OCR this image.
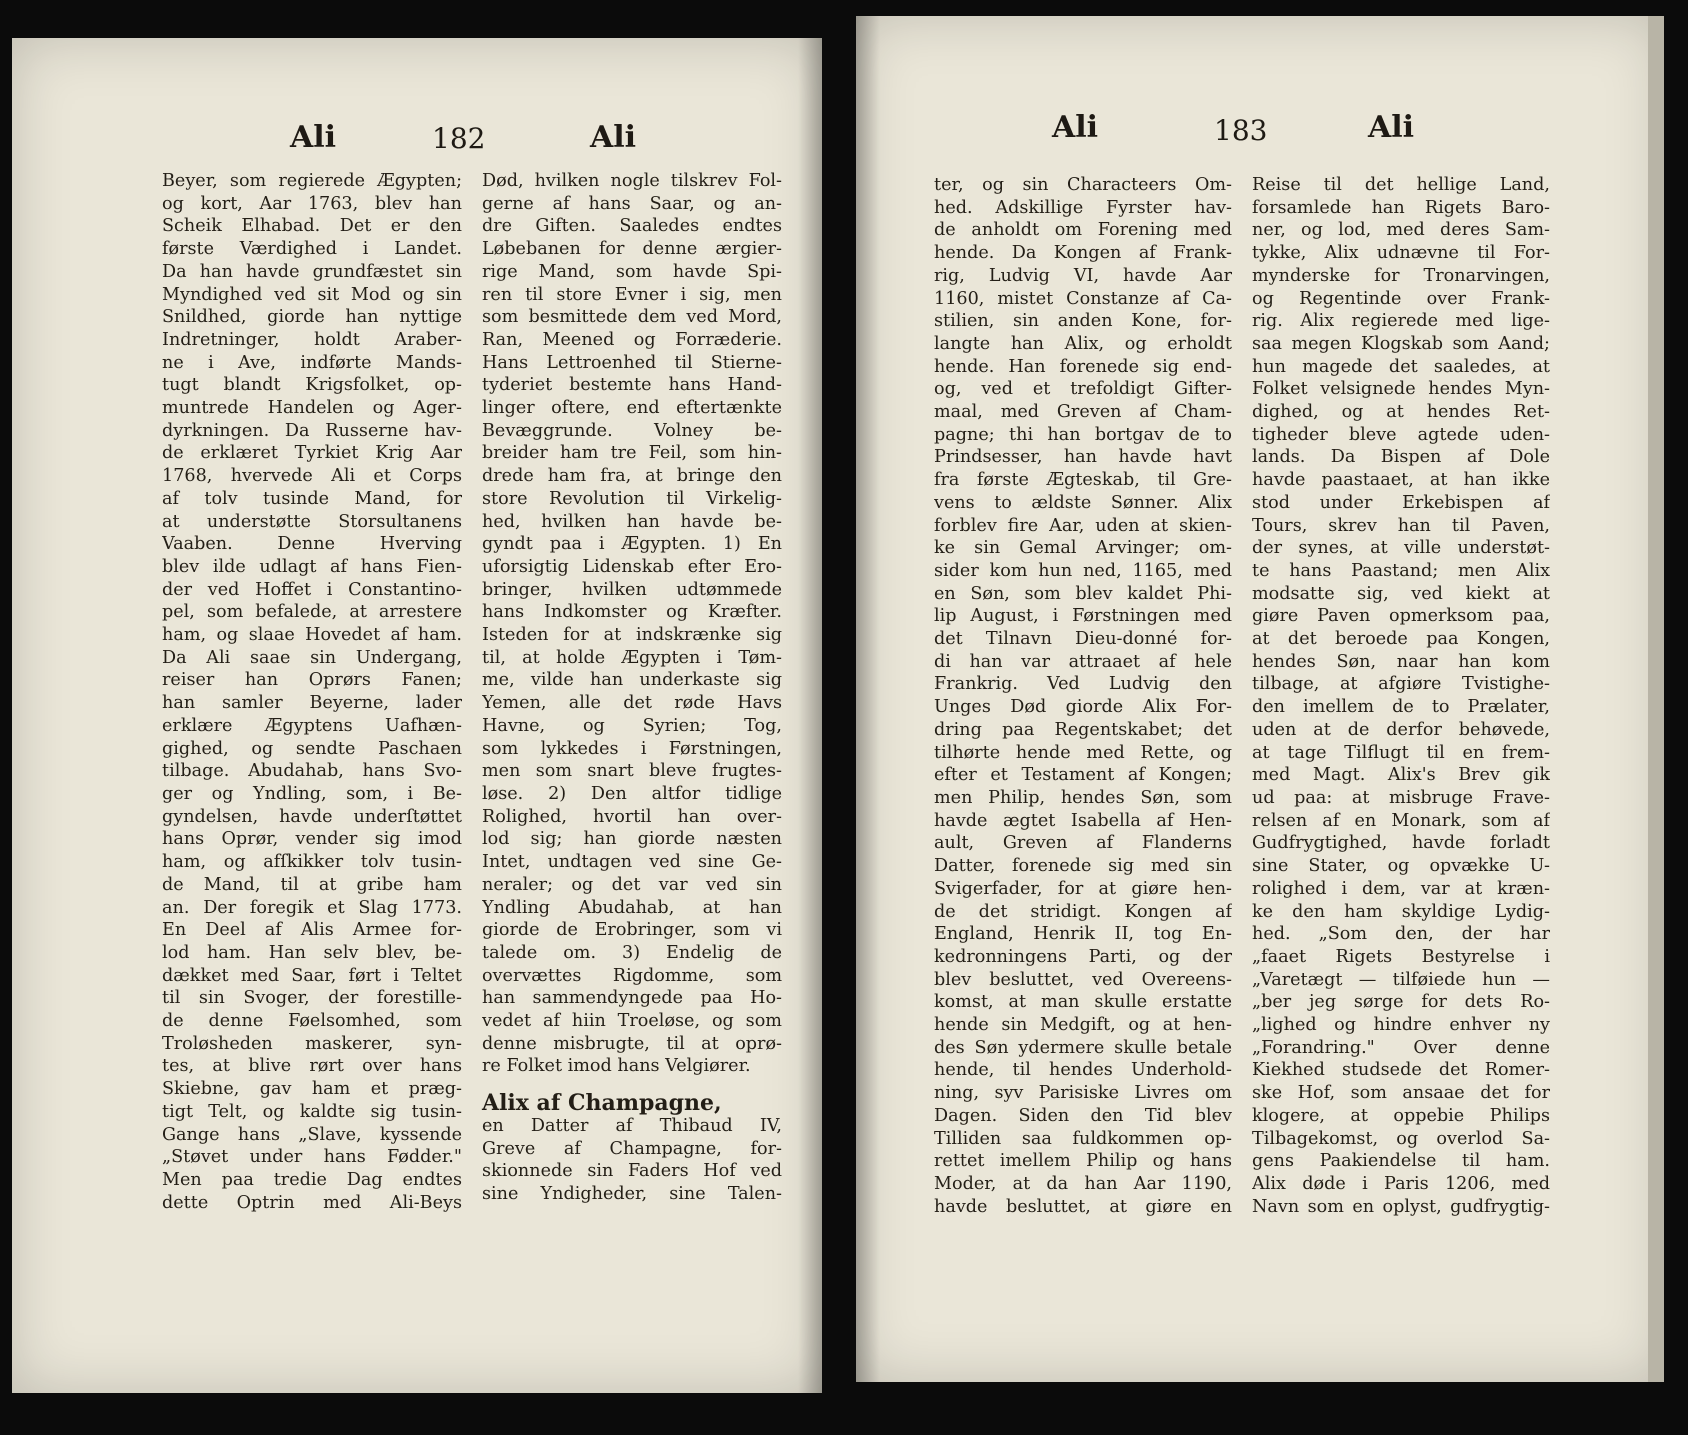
Ali	182	Ali
Beyer, som regierede Ægypten;
og kort, Aar 1763, blev han
Scheik Elhabad. Det er den
første Værdighed i Landet.
Da han havde grundfæstet sin
Myndighed ved sit Mod og sin
Snildhed, giorde han nyttige
Indretninger, holdt Araber-
ne i Ave, indførte Mands-
tugt blandt Krigsfolket, op-
muntrede Handelen og Ager-
dyrkningen. Da Russerne hav-
de erklæret Tyrkiet Krig Aar
1768, hvervede Ali et Corps
af tolv tusinde Mand, for
at understøtte Storsultanens
Vaaben. Denne Hverving
blev ilde udlagt af hans Fien-
der ved Hoffet i Constantino-
pel, som befalede, at arrestere
ham, og slaae Hovedet af ham.
Da Ali saae sin Undergang,
reiser han Oprørs Fanen;
han samler Beyerne, lader
erklære Ægyptens Uafhæn-
gighed, og sendte Paschaen
tilbage. Abudahab, hans Svo-
ger og Yndling, som, i Be-
gyndelsen, havde underſtøttet
hans Oprør, vender sig imod
ham, og afſkikker tolv tusin-
de Mand, til at gribe ham
an. Der foregik et Slag 1773.
En Deel af Alis Armee for-
lod ham. Han selv blev, be-
dækket med Saar, ført i Teltet
til sin Svoger, der forestille-
de denne Føelsomhed, som
Troløsheden maskerer, syn-
tes, at blive rørt over hans
Skiebne, gav ham et præg-
tigt Telt, og kaldte sig tusin-
Gange hans „Slave, kyssende
„Støvet under hans Fødder."
Men paa tredie Dag endtes
dette Optrin med Ali-Beys
Død, hvilken nogle tilskrev Fol-
gerne af hans Saar, og an-
dre Giften. Saaledes endtes
Løbebanen for denne ærgier-
rige Mand, som havde Spi-
ren til store Evner i sig, men
som besmittede dem ved Mord,
Ran, Meened og Forræderie.
Hans Lettroenhed til Stierne-
tyderiet bestemte hans Hand-
linger oftere, end eftertænkte
Bevæggrunde. Volney be-
breider ham tre Feil, som hin-
drede ham fra, at bringe den
store Revolution til Virkelig-
hed, hvilken han havde be-
gyndt paa i Ægypten. 1) En
uforsigtig Lidenskab efter Ero-
bringer, hvilken udtømmede
hans Indkomster og Kræfter.
Isteden for at indskrænke sig
til, at holde Ægypten i Tøm-
me, vilde han underkaste sig
Yemen, alle det røde Havs
Havne, og Syrien; Tog,
som lykkedes i Førstningen,
men som snart bleve frugtes-
løse. 2) Den altfor tidlige
Rolighed, hvortil han over-
lod sig; han giorde næsten
Intet, undtagen ved sine Ge-
neraler; og det var ved sin
Yndling Abudahab, at han
giorde de Erobringer, som vi
talede om. 3) Endelig de
overvættes Rigdomme, som
han sammendyngede paa Ho-
vedet af hiin Troeløse, og som
denne misbrugte, til at oprø-
re Folket imod hans Velgiører.
Alix af Champagne,
en Datter af Thibaud IV,
Greve af Champagne, for-
skionnede sin Faders Hof ved
sine Yndigheder, sine Talen-
Ali	183	Ali
ter, og sin Characteers Om-
hed. Adskillige Fyrster hav-
de anholdt om Forening med
hende. Da Kongen af Frank-
rig, Ludvig VI, havde Aar
1160, mistet Constanze af Ca-
stilien, sin anden Kone, for-
langte han Alix, og erholdt
hende. Han forenede sig end-
og, ved et trefoldigt Gifter-
maal, med Greven af Cham-
pagne; thi han bortgav de to
Prindsesser, han havde havt
fra første Ægteskab, til Gre-
vens to ældste Sønner. Alix
forblev fire Aar, uden at skien-
ke sin Gemal Arvinger; om-
sider kom hun ned, 1165, med
en Søn, som blev kaldet Phi-
lip August, i Førstningen med
det Tilnavn Dieu-donné for-
di han var attraaet af hele
Frankrig. Ved Ludvig den
Unges Død giorde Alix For-
dring paa Regentskabet; det
tilhørte hende med Rette, og
efter et Testament af Kongen;
men Philip, hendes Søn, som
havde ægtet Isabella af Hen-
ault, Greven af Flanderns
Datter, forenede sig med sin
Svigerfader, for at giøre hen-
de det stridigt. Kongen af
England, Henrik II, tog En-
kedronningens Parti, og der
blev besluttet, ved Overeens-
komst, at man skulle erstatte
hende sin Medgift, og at hen-
des Søn ydermere skulle betale
hende, til hendes Underhold-
ning, syv Parisiske Livres om
Dagen. Siden den Tid blev
Tilliden saa fuldkommen op-
rettet imellem Philip og hans
Moder, at da han Aar 1190,
havde besluttet, at giøre en
Reise til det hellige Land,
forsamlede han Rigets Baro-
ner, og lod, med deres Sam-
tykke, Alix udnævne til For-
mynderske for Tronarvingen,
og Regentinde over Frank-
rig. Alix regierede med lige-
saa megen Klogskab som Aand;
hun magede det saaledes, at
Folket velsignede hendes Myn-
dighed, og at hendes Ret-
tigheder bleve agtede uden-
lands. Da Bispen af Dole
havde paastaaet, at han ikke
stod under Erkebispen af
Tours, skrev han til Paven,
der synes, at ville understøt-
te hans Paastand; men Alix
modsatte sig, ved kiekt at
giøre Paven opmerksom paa,
at det beroede paa Kongen,
hendes Søn, naar han kom
tilbage, at afgiøre Tvistighe-
den imellem de to Prælater,
uden at de derfor behøvede,
at tage Tilflugt til en frem-
med Magt. Alix's Brev gik
ud paa: at misbruge Frave-
relsen af en Monark, som af
Gudfrygtighed, havde forladt
sine Stater, og opvække U-
rolighed i dem, var at kræn-
ke den ham skyldige Lydig-
hed. „Som den, der har
„faaet Rigets Bestyrelse i
„Varetægt — tilføiede hun —
„ber jeg sørge for dets Ro-
„lighed og hindre enhver ny
„Forandring." Over denne
Kiekhed studsede det Romer-
ske Hof, som ansaae det for
klogere, at oppebie Philips
Tilbagekomst, og overlod Sa-
gens Paakiendelse til ham.
Alix døde i Paris 1206, med
Navn som en oplyst, gudfrygtig-
